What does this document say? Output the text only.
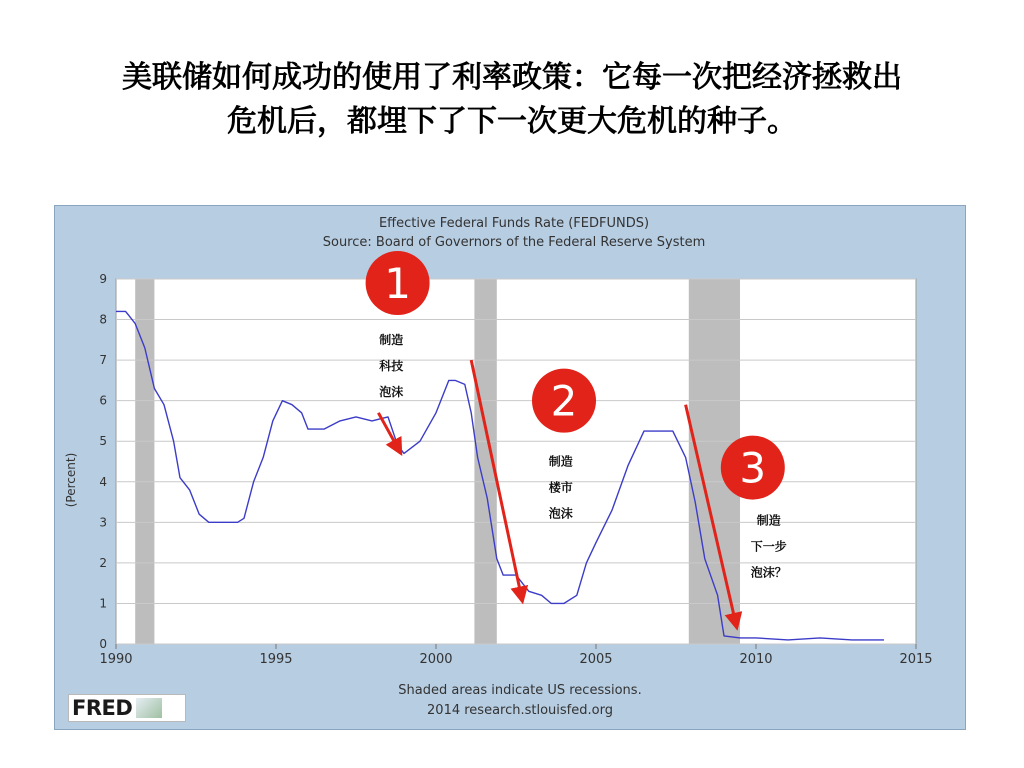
美联储如何成功的使用了利率政策：它每一次把经济拯救出
危机后，都埋下了下一次更大危机的种子。
Effective Federal Funds Rate (FEDFUNDS)
Source: Board of Governors of the Federal Reserve System
(Percent)
0
1
2
3
4
5
6
7
8
9
1990	1995	2000	2005	2010	2015
1
制造
科技
泡沫	2
制造
楼市
泡沫
3
制造
下一步
泡沫？
FRED
Shaded areas indicate US recessions.
2014 research.stlouisfed.org
